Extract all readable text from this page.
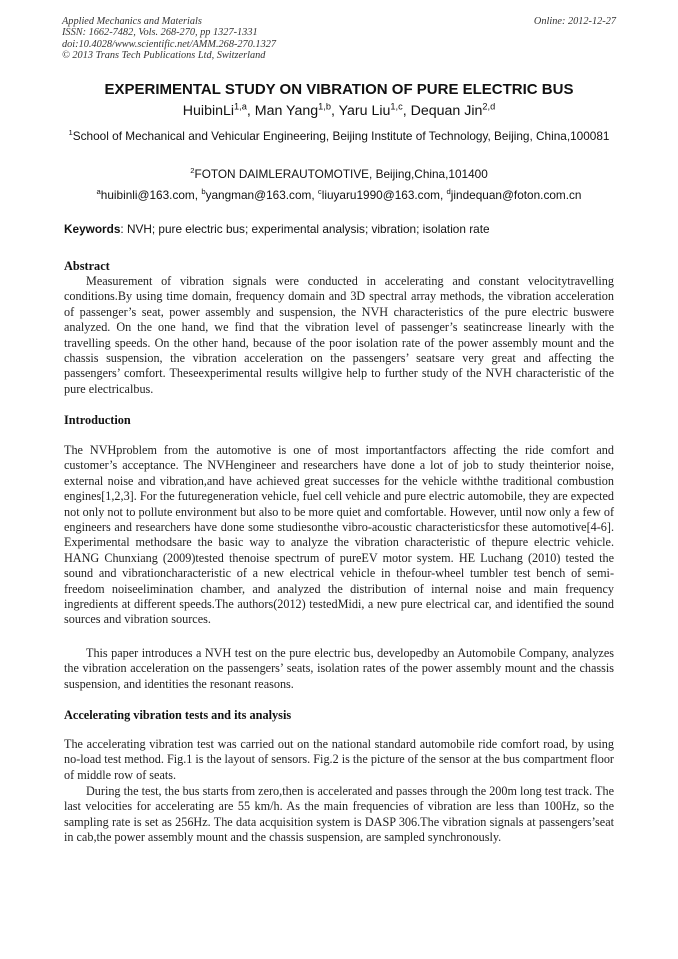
Applied Mechanics and Materials
ISSN: 1662-7482, Vols. 268-270, pp 1327-1331
doi:10.4028/www.scientific.net/AMM.268-270.1327
© 2013 Trans Tech Publications Ltd, Switzerland
Online: 2012-12-27
EXPERIMENTAL STUDY ON VIBRATION OF PURE ELECTRIC BUS
HuibinLi$^{1,a}$, Man Yang$^{1,b}$, Yaru Liu$^{1,c}$, Dequan Jin$^{2,d}$
$^1$School of Mechanical and Vehicular Engineering, Beijing Institute of Technology, Beijing, China,100081
$^2$FOTON DAIMLERAUTOMOTIVE, Beijing,China,101400
$^a$huibinli@163.com, $^b$yangman@163.com, $^c$liuyaru1990@163.com, $^d$jindequan@foton.com.cn
Keywords: NVH; pure electric bus; experimental analysis; vibration; isolation rate
Abstract

Measurement of vibration signals were conducted in accelerating and constant velocitytravelling conditions.By using time domain, frequency domain and 3D spectral array methods, the vibration acceleration of passenger’s seat, power assembly and suspension, the NVH characteristics of the pure electric buswere analyzed. On the one hand, we find that the vibration level of passenger’s seatincrease linearly with the travelling speeds. On the other hand, because of the poor isolation rate of the power assembly mount and the chassis suspension, the vibration acceleration on the passengers’ seatsare very great and affecting the passengers’ comfort. Theseexperimental results willgive help to further study of the NVH characteristic of the pure electricalbus.

Introduction

The NVHproblem from the automotive is one of most importantfactors affecting the ride comfort and customer’s acceptance. The NVHengineer and researchers have done a lot of job to study theinterior noise, external noise and vibration,and have achieved great successes for the vehicle withthe traditional combustion engines[1,2,3]. For the futuregeneration vehicle, fuel cell vehicle and pure electric automobile, they are expected not only not to pollute environment but also to be more quiet and comfortable. However, until now only a few of engineers and researchers have done some studiesonthe vibro-acoustic characteristicsfor these automotive[4-6]. Experimental methodsare the basic way to analyze the vibration characteristic of thepure electric vehicle. HANG Chunxiang (2009)tested thenoise spectrum of pureEV motor system. HE Luchang (2010) tested the sound and vibrationcharacteristic of a new electrical vehicle in thefour-wheel tumbler test bench of semi-freedom noiseelimination chamber, and analyzed the distribution of internal noise and main frequency ingredients at different speeds.The authors(2012) testedMidi, a new pure electrical car, and identified the sound sources and vibration sources.

This paper introduces a NVH test on the pure electric bus, developedby an Automobile Company, analyzes the vibration acceleration on the passengers’ seats, isolation rates of the power assembly mount and the chassis suspension, and identities the resonant reasons.

Accelerating vibration tests and its analysis

The accelerating vibration test was carried out on the national standard automobile ride comfort road, by using no-load test method. Fig.1 is the layout of sensors. Fig.2 is the picture of the sensor at the bus compartment floor of middle row of seats.

During the test, the bus starts from zero,then is accelerated and passes through the 200m long test track. The last velocities for accelerating are 55 km/h. As the main frequencies of vibration are less than 100Hz, so the sampling rate is set as 256Hz. The data acquisition system is DASP 306.The vibration signals at passengers’seat in cab,the power assembly mount and the chassis suspension, are sampled synchronously.
